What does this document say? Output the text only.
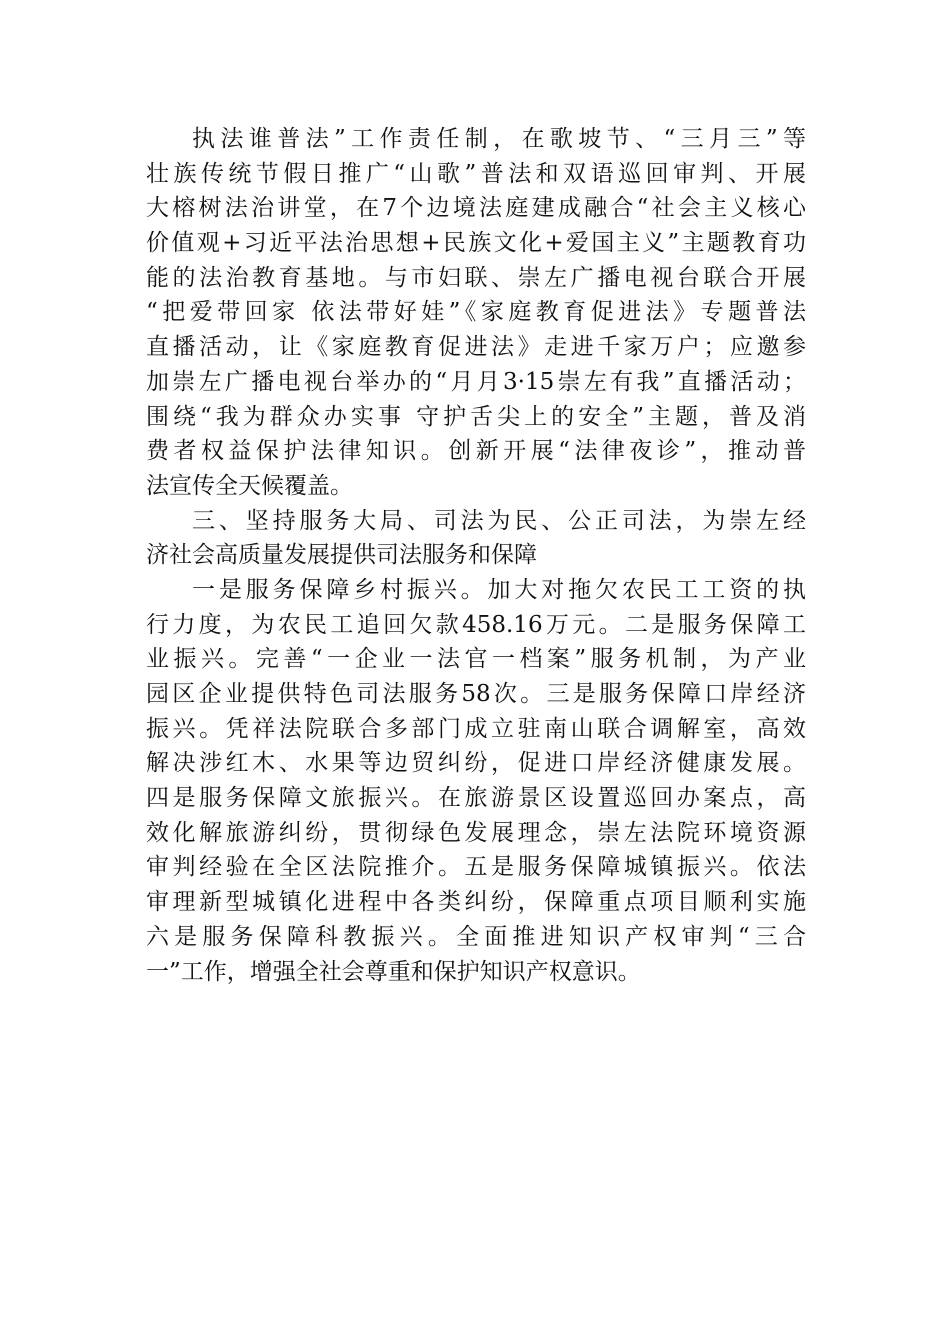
执法谁普法”工作责任制，在歌坡节、“三月三”等
壮族传统节假日推广“山歌”普法和双语巡回审判、开展
大榕树法治讲堂，在7个边境法庭建成融合“社会主义核心
价值观+习近平法治思想+民族文化+爱国主义”主题教育功
能的法治教育基地。与市妇联、崇左广播电视台联合开展
“把爱带回家 依法带好娃”《家庭教育促进法》专题普法
直播活动，让《家庭教育促进法》走进千家万户；应邀参
加崇左广播电视台举办的“月月3·15崇左有我”直播活动；
围绕“我为群众办实事 守护舌尖上的安全”主题，普及消
费者权益保护法律知识。创新开展“法律夜诊”，推动普
法宣传全天候覆盖。
三、坚持服务大局、司法为民、公正司法，为崇左经
济社会高质量发展提供司法服务和保障
一是服务保障乡村振兴。加大对拖欠农民工工资的执
行力度，为农民工追回欠款458.16万元。二是服务保障工
业振兴。完善“一企业一法官一档案”服务机制，为产业
园区企业提供特色司法服务58次。三是服务保障口岸经济
振兴。凭祥法院联合多部门成立驻南山联合调解室，高效
解决涉红木、水果等边贸纠纷，促进口岸经济健康发展。
四是服务保障文旅振兴。在旅游景区设置巡回办案点，高
效化解旅游纠纷，贯彻绿色发展理念，崇左法院环境资源
审判经验在全区法院推介。五是服务保障城镇振兴。依法
审理新型城镇化进程中各类纠纷，保障重点项目顺利实施
六是服务保障科教振兴。全面推进知识产权审判“三合
一”工作，增强全社会尊重和保护知识产权意识。
